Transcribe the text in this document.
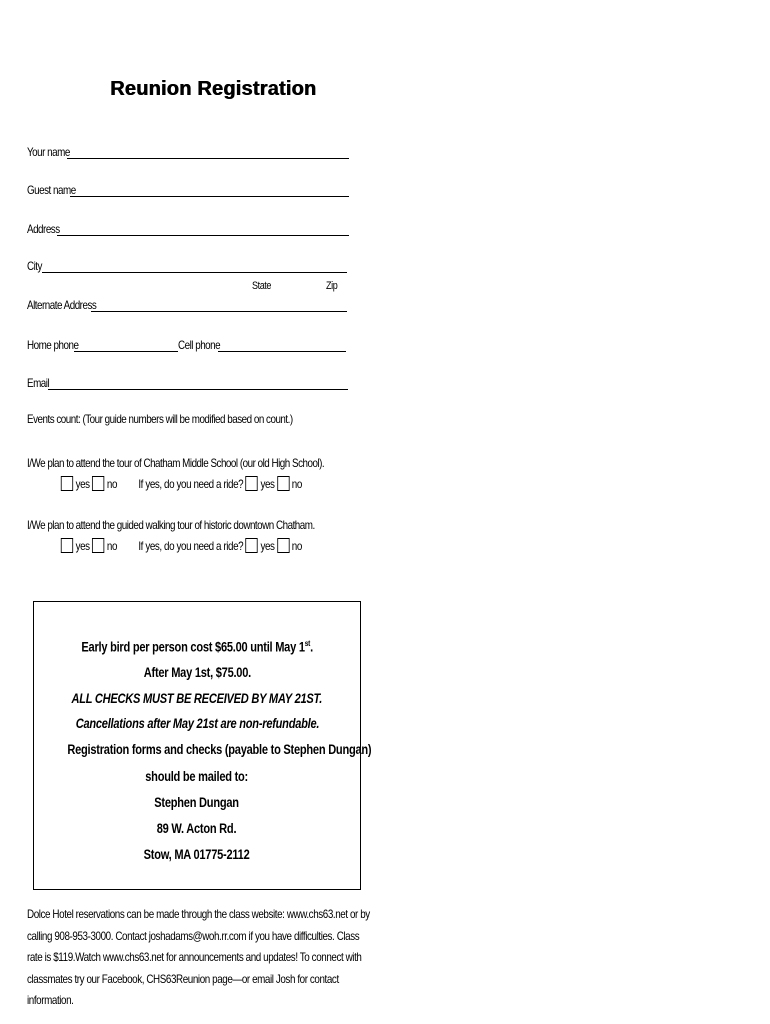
Reunion Registration
Your name
Guest name
Address
City
State	Zip
Alternate Address
Home phone	Cell phone
Email
Events count: (Tour guide numbers will be modified based on count.)
I/We plan to attend the tour of Chatham Middle School (our old High School).
yes no If yes, do you need a ride? yes no
I/We plan to attend the guided walking tour of historic downtown Chatham.
yes no If yes, do you need a ride? yes no
Early bird per person cost $65.00 until May 1st.
After May 1st, $75.00.
ALL CHECKS MUST BE RECEIVED BY MAY 21ST.
Cancellations after May 21st are non-refundable.
Registration forms and checks (payable to Stephen Dungan)
should be mailed to:
Stephen Dungan
89 W. Acton Rd.
Stow, MA 01775-2112
Dolce Hotel reservations can be made through the class website: www.chs63.net or by
calling 908-953-3000. Contact joshadams@woh.rr.com if you have difficulties. Class
rate is $119.Watch www.chs63.net for announcements and updates! To connect with
classmates try our Facebook, CHS63Reunion page—or email Josh for contact
information.
